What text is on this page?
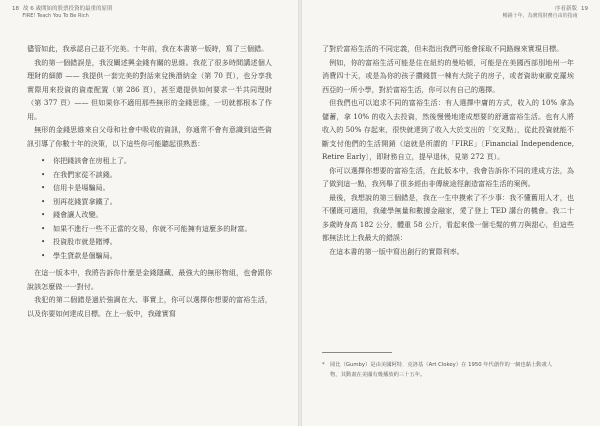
18 故 6 歲開始的股票投資的最重的原則
FIRE! Teach You To Be Rich

儘管如此，我承認自己並不完美。十年前，我在本書第一版時，寫了三個錯。

我的第一個錯誤是，我沒闡述興金錢有關的思維。我花了很多時間講述個人理財的細節 —— 我提供一套完美的對話來兌換潛納金（第 70 頁），也分享我實際用來投資的資產配置（第 286 頁），甚至還提供如何要求一半共同理財（第 377 頁）—— 但如果你不適用那些無形的金錢思維，一切就都根本了作用。

無形的金錢思維來自父母和社會中吸收的資訊，你通常不會有意識到這些資訊引導了你數十年的決策，以下這些你可能聽起很熟悉：

• 你把錢該會在房租上了。
• 在我們家從不談錢。
• 信用卡是場騙局。
• 別再花錢買拿鐵了。
• 錢會讓人改變。
• 如果不進行一些不正當的交易，你就不可能擁有這麼多的財富。
• 投資股市就是賭博。
• 學生貸款是個騙局。

在這一版本中，我將告訴你什麼是金錢隱藏、最強大的無形物組，也會跟你說該怎麼做一一對付。

我犯的第二個錯是過於強調在大、事實上，你可以選擇你想要的富裕生活，以及你要如何達成目標。在上一版中，我確實寫

序看新版 19
暢銷十年，為實現財務自由的指南

了對於富裕生活的不同定義，但未指出我們可能會採取不同路線來實現目標。

例如，你的富裕生活可能是住在紐約的曼哈頓，可能是在美國西部別地州一年消費四十天，或是為你的孩子攢錢買一棟有大院子的房子，或者資助東歐克羅埃西亞的一所小學，對於富裕生活，你可以有自己的選擇。

但我們也可以追求不同的富裕生活：有人選擇中庸的方式，收入的 10% 拿為儲蓄，拿 10% 的收入去投資，然後慢慢地達成想要的舒適富裕生活。也有人將收入的 50% 存起來，很快就達到了收入大於支出的「交叉點」，從此投資就能不斷支付他們的生活開銷（這就是所謂的「FIRE」〔Financial Independence, Retire Early〕，即財務自立，提早退休，見第 272 頁）。

你可以選擇你想要的富裕生活，在此版本中，我會告訴你不同的達成方法，為了做到這一點，我列舉了很多經由非傳統途徑創造富裕生活的案例。

最後，我想說的第三個錯是，我在一生中摸索了不少事：我不懂舊用人才，也不懂既可適用，我確學無量和數據金融家，愛了登上 TED 講台的機會。我二十多歲時身高 182 公分，體重 58 公斤，看起來像一個毛髮的剪刀與甜心，但這些都無法比上我最大的錯誤：

在這本書的第一版中寫出創行的實際利率。

* 岡比（Gumby）是由美國阿特．克洛基（Art Clokey）在 1950 年代創作的一個也黏土動畫人物，其動畫在美國有幾播放約三十五年。
